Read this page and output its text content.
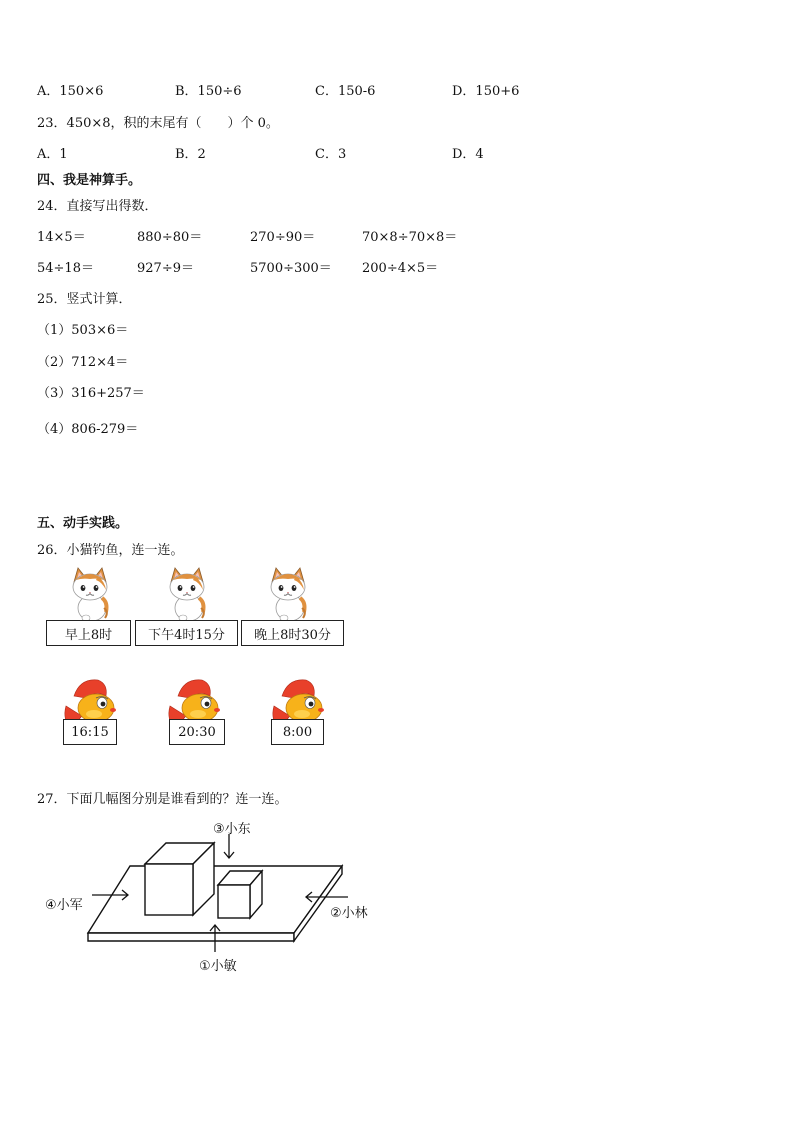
A．150×6	B．150÷6	C．150-6	D．150+6
23．450×8，积的末尾有（　　）个 0。
A．1	B．2	C．3	D．4
四、我是神算手。
24．直接写出得数．
14×5＝	880÷80＝	270÷90＝	70×8÷70×8＝
54÷18＝	927÷9＝	5700÷300＝ 200÷4×5＝
25．竖式计算．
（1）503×6＝
（2）712×4＝
（3）316+257＝
（4）806-279＝
五、动手实践。
26．小猫钓鱼，连一连。
早上8时	下午4时15分	晚上8时30分
16:15	20:30	8:00
27．下面几幅图分别是谁看到的？连一连。
③小东
④小军
②小林
①小敏
